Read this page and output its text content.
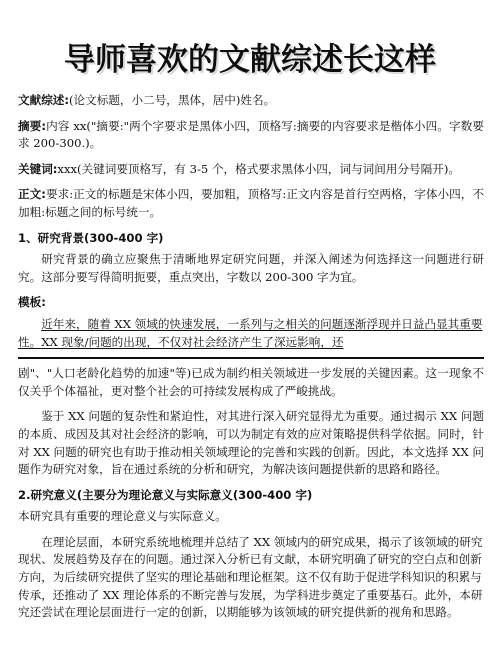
导师喜欢的文献综述长这样

文献综述:(论文标题，小二号，黑体，居中)姓名。

摘要:内容 xx("摘要:"两个字要求是黑体小四，顶格写:摘要的内容要求是楷体小四。字数要求 200-300.)。

关键词:xxx(关键词要顶格写，有 3-5 个，格式要求黑体小四，词与词间用分号隔开)。

正文:要求:正文的标题是宋体小四，要加粗，顶格写:正文内容是首行空两格，字体小四，不加粗:标题之间的标号统一。

1、研究背景(300-400 字)

研究背景的确立应聚焦于清晰地界定研究问题，并深入阐述为何选择这一问题进行研究。这部分要写得简明扼要，重点突出，字数以 200-300 字为宜。

模板:

近年来，随着 XX 领域的快速发展，一系列与之相关的问题逐渐浮现并日益凸显其重要性。XX 现象/问题的出现，不仅对社会经济产生了深远影响，还

剧"、"人口老龄化趋势的加速"等)已成为制约相关领域进一步发展的关键因素。这一现象不仅关乎个体福祉，更对整个社会的可持续发展构成了严峻挑战。

鉴于 XX 问题的复杂性和紧迫性，对其进行深入研究显得尤为重要。通过揭示 XX 问题的本质、成因及其对社会经济的影响，可以为制定有效的应对策略提供科学依据。同时，针对 XX 问题的研究也有助于推动相关领域理论的完善和实践的创新。因此，本文选择 XX 问题作为研究对象，旨在通过系统的分析和研究，为解决该问题提供新的思路和路径。

2.研究意义(主要分为理论意义与实际意义(300-400 字)

本研究具有重要的理论意义与实际意义。

在理论层面，本研究系统地梳理并总结了 XX 领域内的研究成果，揭示了该领域的研究现状、发展趋势及存在的问题。通过深入分析已有文献，本研究明确了研究的空白点和创新方向，为后续研究提供了坚实的理论基础和理论框架。这不仅有助于促进学科知识的积累与传承，还推动了 XX 理论体系的不断完善与发展，为学科进步奠定了重要基石。此外，本研究还尝试在理论层面进行一定的创新，以期能够为该领域的研究提供新的视角和思路。
